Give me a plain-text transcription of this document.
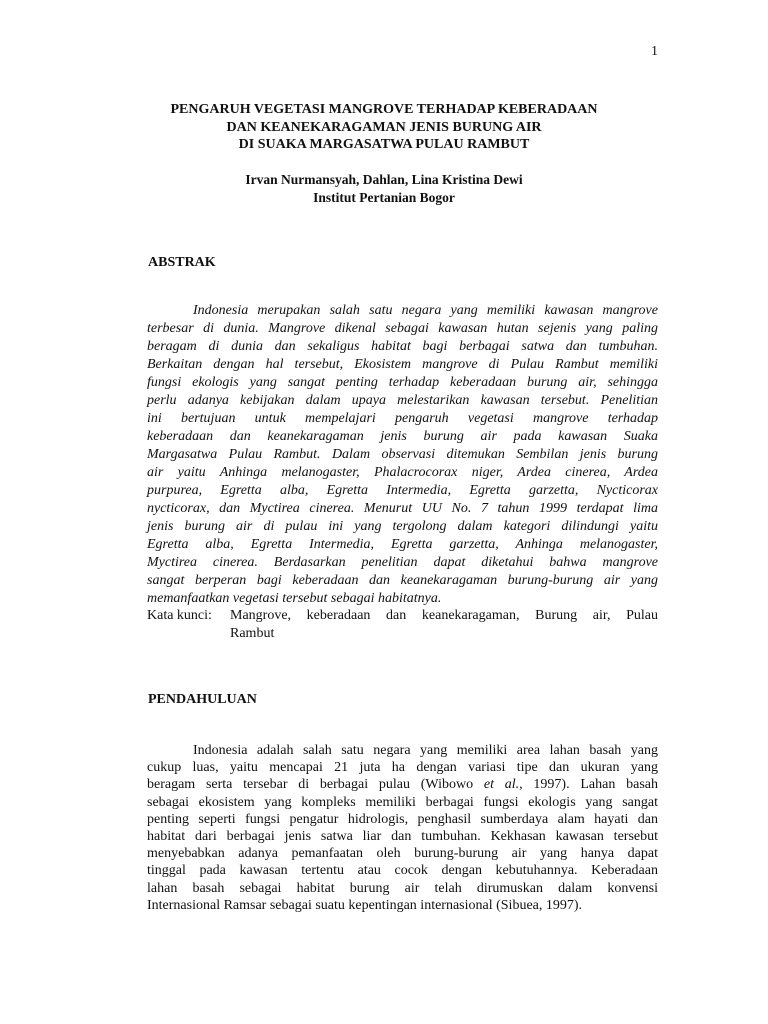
1
PENGARUH VEGETASI MANGROVE TERHADAP KEBERADAAN
DAN KEANEKARAGAMAN JENIS BURUNG AIR
DI SUAKA MARGASATWA PULAU RAMBUT
Irvan Nurmansyah, Dahlan, Lina Kristina Dewi
Institut Pertanian Bogor
ABSTRAK
Indonesia merupakan salah satu negara yang memiliki kawasan mangrove
terbesar di dunia. Mangrove dikenal sebagai kawasan hutan sejenis yang paling
beragam di dunia dan sekaligus habitat bagi berbagai satwa dan tumbuhan.
Berkaitan dengan hal tersebut, Ekosistem mangrove di Pulau Rambut memiliki
fungsi ekologis yang sangat penting terhadap keberadaan burung air, sehingga
perlu adanya kebijakan dalam upaya melestarikan kawasan tersebut. Penelitian
ini bertujuan untuk mempelajari pengaruh vegetasi mangrove terhadap
keberadaan dan keanekaragaman jenis burung air pada kawasan Suaka
Margasatwa Pulau Rambut. Dalam observasi ditemukan Sembilan jenis burung
air yaitu Anhinga melanogaster, Phalacrocorax niger, Ardea cinerea, Ardea
purpurea, Egretta alba, Egretta Intermedia, Egretta garzetta, Nycticorax
nycticorax, dan Myctirea cinerea. Menurut UU No. 7 tahun 1999 terdapat lima
jenis burung air di pulau ini yang tergolong dalam kategori dilindungi yaitu
Egretta alba, Egretta Intermedia, Egretta garzetta, Anhinga melanogaster,
Myctirea cinerea. Berdasarkan penelitian dapat diketahui bahwa mangrove
sangat berperan bagi keberadaan dan keanekaragaman burung-burung air yang
memanfaatkan vegetasi tersebut sebagai habitatnya.
Kata kunci:	Mangrove, keberadaan dan keanekaragaman, Burung air, Pulau
Rambut
PENDAHULUAN
Indonesia adalah salah satu negara yang memiliki area lahan basah yang
cukup luas, yaitu mencapai 21 juta ha dengan variasi tipe dan ukuran yang
beragam serta tersebar di berbagai pulau (Wibowo et al., 1997). Lahan basah
sebagai ekosistem yang kompleks memiliki berbagai fungsi ekologis yang sangat
penting seperti fungsi pengatur hidrologis, penghasil sumberdaya alam hayati dan
habitat dari berbagai jenis satwa liar dan tumbuhan. Kekhasan kawasan tersebut
menyebabkan adanya pemanfaatan oleh burung-burung air yang hanya dapat
tinggal pada kawasan tertentu atau cocok dengan kebutuhannya. Keberadaan
lahan basah sebagai habitat burung air telah dirumuskan dalam konvensi
Internasional Ramsar sebagai suatu kepentingan internasional (Sibuea, 1997).
